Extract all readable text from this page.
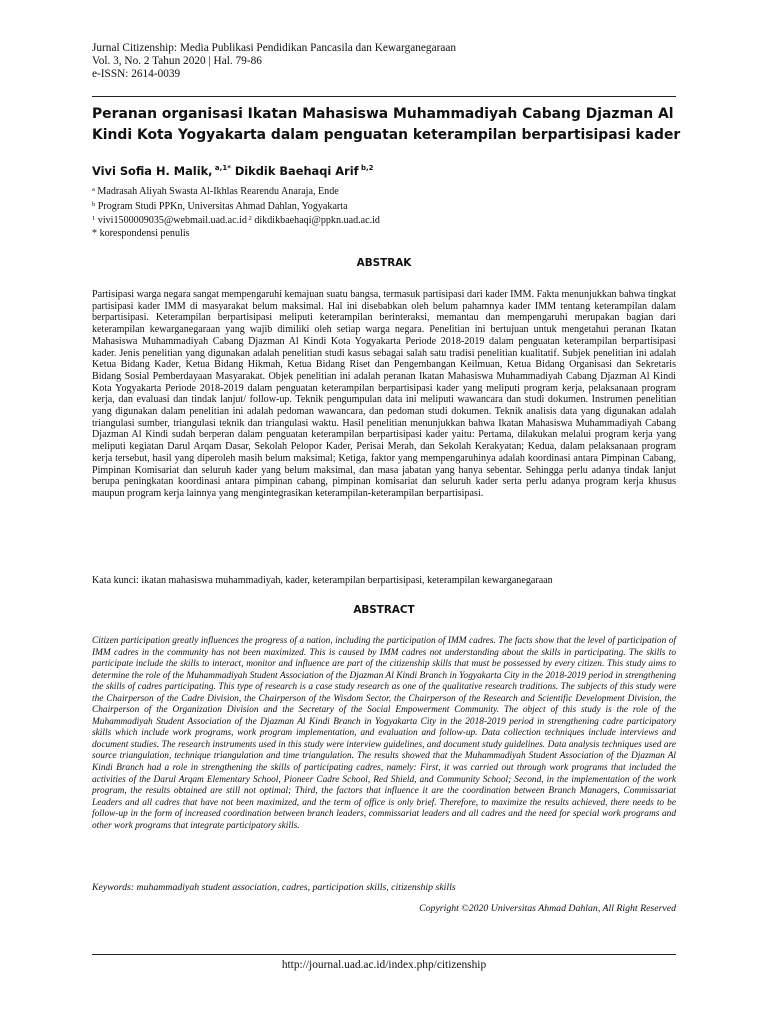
Jurnal Citizenship: Media Publikasi Pendidikan Pancasila dan Kewarganegaraan
Vol. 3, No. 2 Tahun 2020 | Hal. 79-86
e-ISSN: 2614-0039
Peranan organisasi Ikatan Mahasiswa Muhammadiyah Cabang Djazman Al Kindi Kota Yogyakarta dalam penguatan keterampilan berpartisipasi kader
Vivi Sofia H. Malik, $^{a,1*}$ Dikdik Baehaqi Arif $^{b,2}$
$^a$ Madrasah Aliyah Swasta Al-Ikhlas Rearendu Anaraja, Ende
$^b$ Program Studi PPKn, Universitas Ahmad Dahlan, Yogyakarta
$^1$ vivi1500009035@webmail.uad.ac.id $^2$ dikdikbaehaqi@ppkn.uad.ac.id
* korespondensi penulis
ABSTRAK

Partisipasi warga negara sangat mempengaruhi kemajuan suatu bangsa, termasuk partisipasi dari kader IMM. Fakta menunjukkan bahwa tingkat partisipasi kader IMM di masyarakat belum maksimal. Hal ini disebabkan oleh belum pahamnya kader IMM tentang keterampilan dalam berpartisipasi. Keterampilan berpartisipasi meliputi keterampilan berinteraksi, memantau dan mempengaruhi merupakan bagian dari keterampilan kewarganegaraan yang wajib dimiliki oleh setiap warga negara. Penelitian ini bertujuan untuk mengetahui peranan Ikatan Mahasiswa Muhammadiyah Cabang Djazman Al Kindi Kota Yogyakarta Periode 2018-2019 dalam penguatan keterampilan berpartisipasi kader. Jenis penelitian yang digunakan adalah penelitian studi kasus sebagai salah satu tradisi penelitian kualitatif. Subjek penelitian ini adalah Ketua Bidang Kader, Ketua Bidang Hikmah, Ketua Bidang Riset dan Pengembangan Keilmuan, Ketua Bidang Organisasi dan Sekretaris Bidang Sosial Pemberdayaan Masyarakat. Objek penelitian ini adalah peranan Ikatan Mahasiswa Muhammadiyah Cabang Djazman Al Kindi Kota Yogyakarta Periode 2018-2019 dalam penguatan keterampilan berpartisipasi kader yang meliputi program kerja, pelaksanaan program kerja, dan evaluasi dan tindak lanjut/ follow-up. Teknik pengumpulan data ini meliputi wawancara dan studi dokumen. Instrumen penelitian yang digunakan dalam penelitian ini adalah pedoman wawancara, dan pedoman studi dokumen. Teknik analisis data yang digunakan adalah triangulasi sumber, triangulasi teknik dan triangulasi waktu. Hasil penelitian menunjukkan bahwa Ikatan Mahasiswa Muhammadiyah Cabang Djazman Al Kindi sudah berperan dalam penguatan keterampilan berpartisipasi kader yaitu: Pertama, dilakukan melalui program kerja yang meliputi kegiatan Darul Arqam Dasar, Sekolah Pelopor Kader, Perisai Merah, dan Sekolah Kerakyatan; Kedua, dalam pelaksanaan program kerja tersebut, hasil yang diperoleh masih belum maksimal; Ketiga, faktor yang mempengaruhinya adalah koordinasi antara Pimpinan Cabang, Pimpinan Komisariat dan seluruh kader yang belum maksimal, dan masa jabatan yang hanya sebentar. Sehingga perlu adanya tindak lanjut berupa peningkatan koordinasi antara pimpinan cabang, pimpinan komisariat dan seluruh kader serta perlu adanya program kerja khusus maupun program kerja lainnya yang mengintegrasikan keterampilan-keterampilan berpartisipasi.

Kata kunci: ikatan mahasiswa muhammadiyah, kader, keterampilan berpartisipasi, keterampilan kewarganegaraan

ABSTRACT

Citizen participation greatly influences the progress of a nation, including the participation of IMM cadres. The facts show that the level of participation of IMM cadres in the community has not been maximized. This is caused by IMM cadres not understanding about the skills in participating. The skills to participate include the skills to interact, monitor and influence are part of the citizenship skills that must be possessed by every citizen. This study aims to determine the role of the Muhammadiyah Student Association of the Djazman Al Kindi Branch in Yogyakarta City in the 2018-2019 period in strengthening the skills of cadres participating. This type of research is a case study research as one of the qualitative research traditions. The subjects of this study were the Chairperson of the Cadre Division, the Chairperson of the Wisdom Sector, the Chairperson of the Research and Scientific Development Division, the Chairperson of the Organization Division and the Secretary of the Social Empowerment Community. The object of this study is the role of the Muhammadiyah Student Association of the Djazman Al Kindi Branch in Yogyakarta City in the 2018-2019 period in strengthening cadre participatory skills which include work programs, work program implementation, and evaluation and follow-up. Data collection techniques include interviews and document studies. The research instruments used in this study were interview guidelines, and document study guidelines. Data analysis techniques used are source triangulation, technique triangulation and time triangulation. The results showed that the Muhammadiyah Student Association of the Djazman Al Kindi Branch had a role in strengthening the skills of participating cadres, namely: First, it was carried out through work programs that included the activities of the Darul Arqam Elementary School, Pioneer Cadre School, Red Shield, and Community School; Second, in the implementation of the work program, the results obtained are still not optimal; Third, the factors that influence it are the coordination between Branch Managers, Commissariat Leaders and all cadres that have not been maximized, and the term of office is only brief. Therefore, to maximize the results achieved, there needs to be follow-up in the form of increased coordination between branch leaders, commissariat leaders and all cadres and the need for special work programs and other work programs that integrate participatory skills.

Keywords: muhammadiyah student association, cadres, participation skills, citizenship skills

Copyright ©2020 Universitas Ahmad Dahlan, All Right Reserved

http://journal.uad.ac.id/index.php/citizenship
